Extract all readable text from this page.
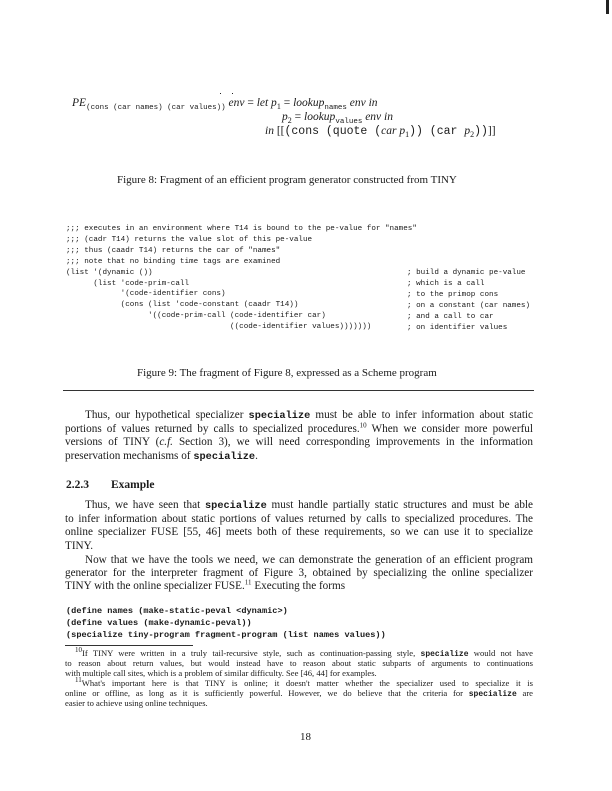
$PE_{(cons (car names) (car values))}$ env = let $p_1$ = lookup$_{names}$ env in
$p_2$ = lookup$_{values}$ env in
in [[(cons (quote (car $p_1$)) (car $p_2$))]]
Figure 8: Fragment of an efficient program generator constructed from TINY
;;; executes in an environment where T14 is bound to the pe-value for "names"
;;; (cadr T14) returns the value slot of this pe-value
;;; thus (caadr T14) returns the car of "names"
;;; note that no binding time tags are examined
(list '(dynamic ())
(list 'code-prim-call
'(code-identifier cons)
(cons (list 'code-constant (caadr T14))
'((code-prim-call (code-identifier car)
((code-identifier values)))))))
; build a dynamic pe-value
; which is a call
; to the primop cons
; on a constant (car names)
; and a call to car
; on identifier values
Figure 9: The fragment of Figure 8, expressed as a Scheme program
Thus, our hypothetical specializer specialize must be able to infer information about static
portions of values returned by calls to specialized procedures.$^{10}$ When we consider more powerful
versions of TINY (c.f. Section 3), we will need corresponding improvements in the information
preservation mechanisms of specialize.
Thus, we have seen that specialize must handle partially static structures and must be able
to infer information about static portions of values returned by calls to specialized procedures. The
online specializer FUSE [55, 46] meets both of these requirements, so we can use it to specialize
TINY.
Now that we have the tools we need, we can demonstrate the generation of an efficient program
generator for the interpreter fragment of Figure 3, obtained by specializing the online specializer
TINY with the online specializer FUSE.$^{11}$ Executing the forms
2.2.3 Example
(define names (make-static-peval <dynamic>)
(define values (make-dynamic-peval))
(specialize tiny-program fragment-program (list names values))
$^{10}$If TINY were written in a truly tail-recursive style, such as continuation-passing style, specialize would not have
to reason about return values, but would instead have to reason about static subparts of arguments to continuations
with multiple call sites, which is a problem of similar difficulty. See [46, 44] for examples.
$^{11}$What's important here is that TINY is online; it doesn't matter whether the specializer used to specialize it is
online or offline, as long as it is sufficiently powerful. However, we do believe that the criteria for specialize are
easier to achieve using online techniques.
18
